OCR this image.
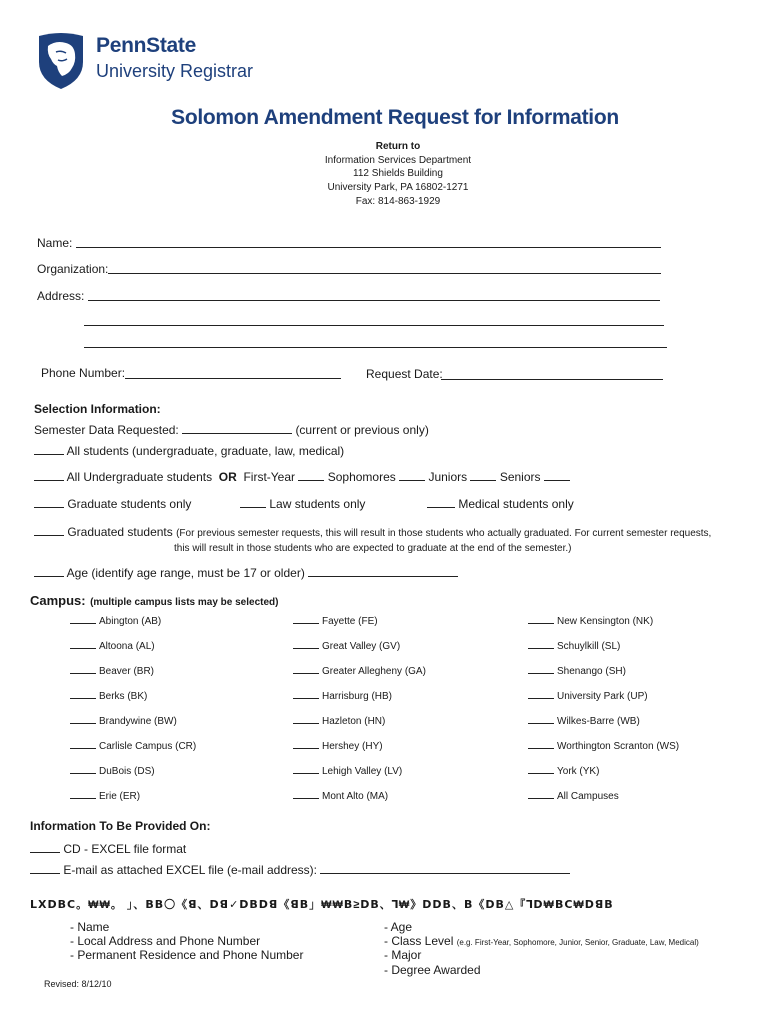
PennState
University Registrar
Solomon Amendment Request for Information
Return to
Information Services Department
112 Shields Building
University Park, PA 16802-1271
Fax: 814-863-1929
Name:
Organization:
Address:
Phone Number:	Request Date:
Selection Information:
Semester Data Requested:	(current or previous only)
All students (undergraduate, graduate, law, medical)
All Undergraduate students OR First-Year	Sophomores	Juniors	Seniors
Graduate students only	Law students only	Medical students only
Graduated students (For previous semester requests, this will result in those students who actually graduated. For current semester requests,
this will result in those students who are expected to graduate at the end of the semester.)
Age (identify age range, must be 17 or older)
Campus: (multiple campus lists may be selected)
Abington (AB)
Altoona (AL)
Beaver (BR)
Berks (BK)
Brandywine (BW)
Carlisle Campus (CR)
DuBois (DS)
Erie (ER)
Fayette (FE)
Great Valley (GV)
Greater Allegheny (GA)
Harrisburg (HB)
Hazleton (HN)
Hershey (HY)
Lehigh Valley (LV)
Mont Alto (MA)
New Kensington (NK)
Schuylkill (SL)
Shenango (SH)
University Park (UP)
Wilkes-Barre (WB)
Worthington Scranton (WS)
York (YK)
All Campuses
Information To Be Provided On:
CD - EXCEL file format
E-mail as attached EXCEL file (e-mail address):
ꓡꓫꓓꓐꓚ。₩₩。 」、ꓐꓐ〇《ꓭ、ꓓꓭ✓ꓓꓐꓓꓭ《ꓭꓐ」₩₩ꓐ≥ꓓꓐ、ꓶ₩》ꓓꓓꓐ、ꓐ《ꓓꓐ△『ꓶꓓ₩ꓐꓚ₩ꓓꓭꓐ
- Name
- Local Address and Phone Number
- Permanent Residence and Phone Number
- Age
- Class Level (e.g. First-Year, Sophomore, Junior, Senior, Graduate, Law, Medical)
- Major
- Degree Awarded
Revised: 8/12/10
